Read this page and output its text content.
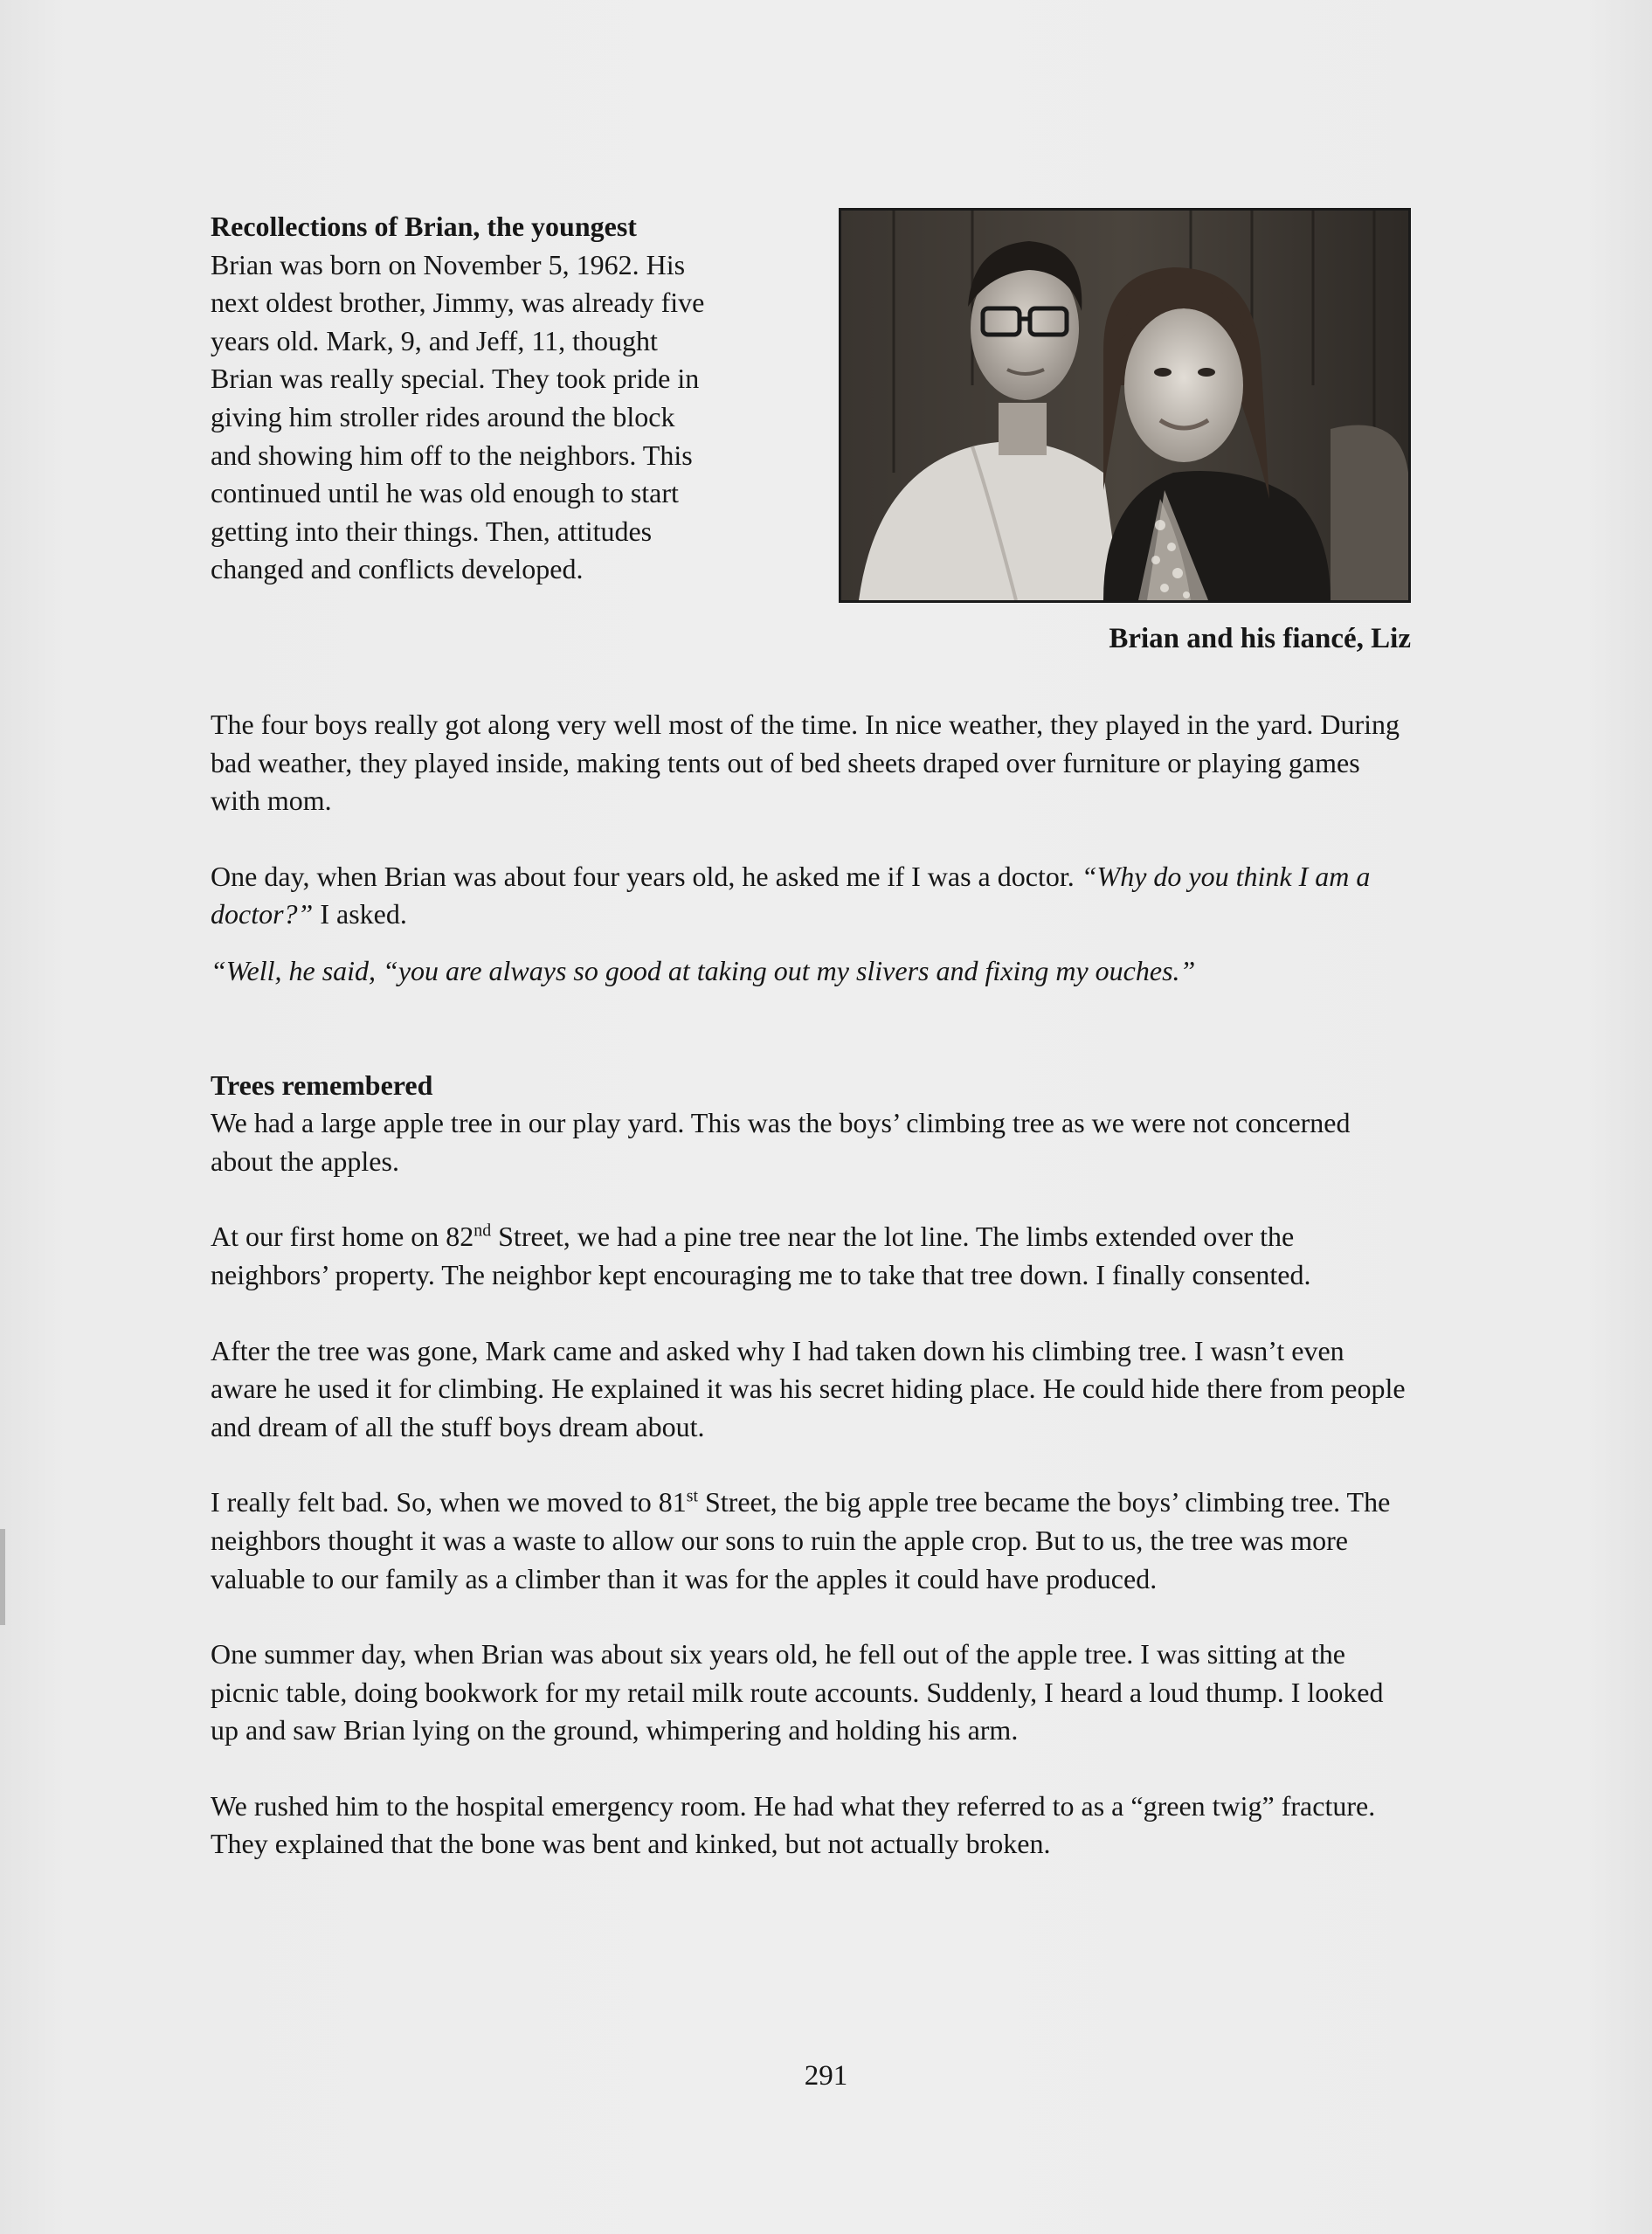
Recollections of Brian, the youngest
Brian was born on November 5, 1962. His
next oldest brother, Jimmy, was already five
years old. Mark, 9, and Jeff, 11, thought
Brian was really special. They took pride in
giving him stroller rides around the block
and showing him off to the neighbors. This
continued until he was old enough to start
getting into their things. Then, attitudes
changed and conflicts developed.
Brian and his fiancé, Liz

The four boys really got along very well most of the time. In nice weather, they played in the yard. During bad weather, they played inside, making tents out of bed sheets draped over furniture or playing games with mom.

One day, when Brian was about four years old, he asked me if I was a doctor. “Why do you think I am a doctor?” I asked.

“Well, he said, “you are always so good at taking out my slivers and fixing my ouches.”

Trees remembered

We had a large apple tree in our play yard. This was the boys’ climbing tree as we were not concerned about the apples.

At our first home on 82nd Street, we had a pine tree near the lot line. The limbs extended over the neighbors’ property. The neighbor kept encouraging me to take that tree down. I finally consented.

After the tree was gone, Mark came and asked why I had taken down his climbing tree. I wasn’t even aware he used it for climbing. He explained it was his secret hiding place. He could hide there from people and dream of all the stuff boys dream about.

I really felt bad. So, when we moved to 81st Street, the big apple tree became the boys’ climbing tree. The neighbors thought it was a waste to allow our sons to ruin the apple crop. But to us, the tree was more valuable to our family as a climber than it was for the apples it could have produced.

One summer day, when Brian was about six years old, he fell out of the apple tree. I was sitting at the picnic table, doing bookwork for my retail milk route accounts. Suddenly, I heard a loud thump. I looked up and saw Brian lying on the ground, whimpering and holding his arm.

We rushed him to the hospital emergency room. He had what they referred to as a “green twig” fracture. They explained that the bone was bent and kinked, but not actually broken.

291
